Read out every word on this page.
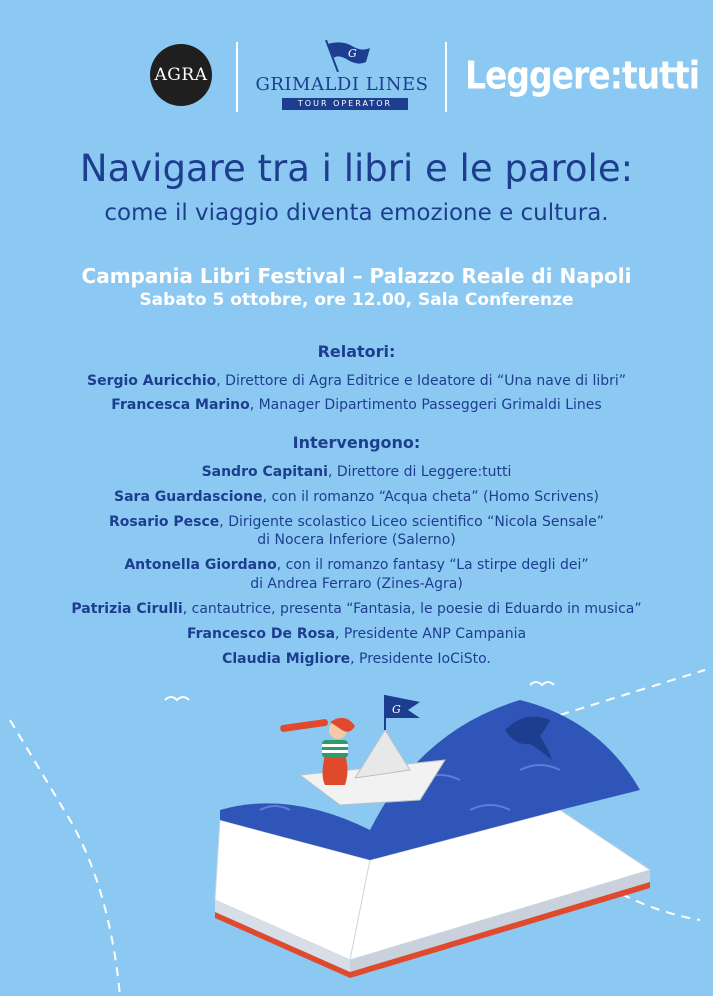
AGRA
G
GRIMALDI LINES
TOUR OPERATOR
Leggere:tutti
Navigare tra i libri e le parole:
come il viaggio diventa emozione e cultura.
Campania Libri Festival – Palazzo Reale di Napoli
Sabato 5 ottobre, ore 12.00, Sala Conferenze
Relatori:
Sergio Auricchio, Direttore di Agra Editrice e Ideatore di “Una nave di libri”
Francesca Marino, Manager Dipartimento Passeggeri Grimaldi Lines
Intervengono:
Sandro Capitani, Direttore di Leggere:tutti
Sara Guardascione, con il romanzo “Acqua cheta” (Homo Scrivens)
Rosario Pesce, Dirigente scolastico Liceo scientifico “Nicola Sensale”
di Nocera Inferiore (Salerno)
Antonella Giordano, con il romanzo fantasy “La stirpe degli dei”
di Andrea Ferraro (Zines-Agra)
Patrizia Cirulli, cantautrice, presenta “Fantasia, le poesie di Eduardo in musica”
Francesco De Rosa, Presidente ANP Campania
Claudia Migliore, Presidente IoCiSto.
G
